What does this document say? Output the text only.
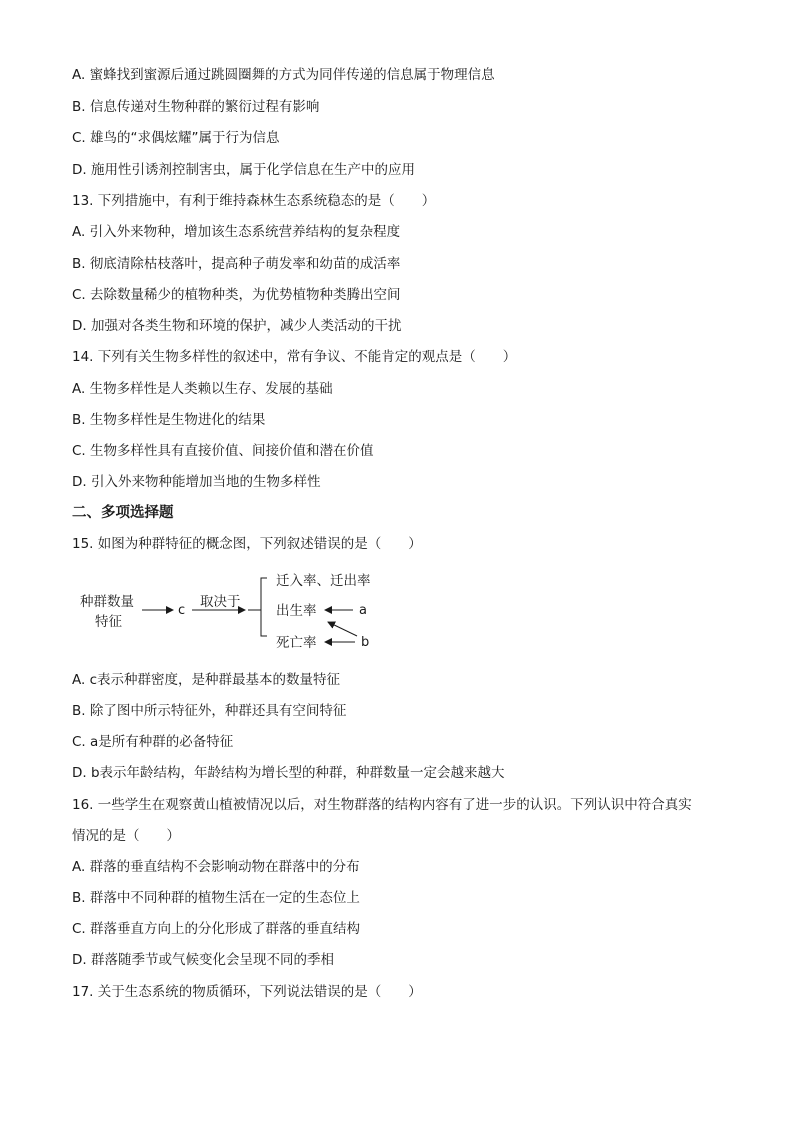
A. 蜜蜂找到蜜源后通过跳圆圈舞的方式为同伴传递的信息属于物理信息
B. 信息传递对生物种群的繁衍过程有影响
C. 雄鸟的“求偶炫耀”属于行为信息
D. 施用性引诱剂控制害虫，属于化学信息在生产中的应用
13. 下列措施中，有利于维持森林生态系统稳态的是（　　）
A. 引入外来物种，增加该生态系统营养结构的复杂程度
B. 彻底清除枯枝落叶，提高种子萌发率和幼苗的成活率
C. 去除数量稀少的植物种类，为优势植物种类腾出空间
D. 加强对各类生物和环境的保护，减少人类活动的干扰
14. 下列有关生物多样性的叙述中，常有争议、不能肯定的观点是（　　）
A. 生物多样性是人类赖以生存、发展的基础
B. 生物多样性是生物进化的结果
C. 生物多样性具有直接价值、间接价值和潜在价值
D. 引入外来物种能增加当地的生物多样性
二、多项选择题
15. 如图为种群特征的概念图，下列叙述错误的是（　　）
种群数量
特征
c
取决于
迁入率、迁出率
出生率
死亡率
a
b
A. c表示种群密度，是种群最基本的数量特征
B. 除了图中所示特征外，种群还具有空间特征
C. a是所有种群的必备特征
D. b表示年龄结构，年龄结构为增长型的种群，种群数量一定会越来越大
16. 一些学生在观察黄山植被情况以后，对生物群落的结构内容有了进一步的认识。下列认识中符合真实
情况的是（　　）
A. 群落的垂直结构不会影响动物在群落中的分布
B. 群落中不同种群的植物生活在一定的生态位上
C. 群落垂直方向上的分化形成了群落的垂直结构
D. 群落随季节或气候变化会呈现不同的季相
17. 关于生态系统的物质循环，下列说法错误的是（　　）
